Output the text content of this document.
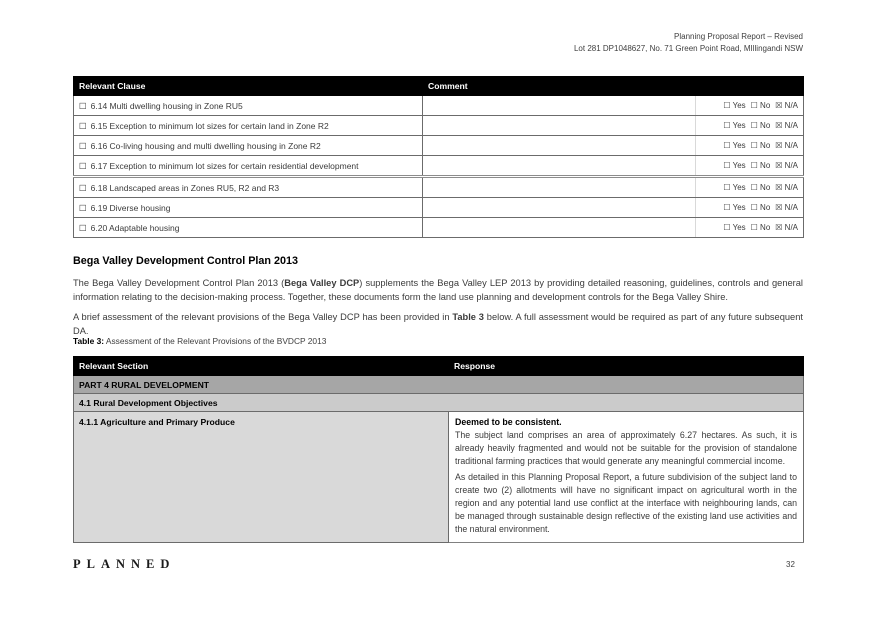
Planning Proposal Report – Revised
Lot 281 DP1048627, No. 71 Green Point Road, MIllingandi NSW
Relevant Clause	Comment	
☐ 6.14 Multi dwelling housing in Zone RU5		☐ Yes ☐ No ☒ N/A
☐ 6.15 Exception to minimum lot sizes for certain land in Zone R2		☐ Yes ☐ No ☒ N/A
☐ 6.16 Co-living housing and multi dwelling housing in Zone R2		☐ Yes ☐ No ☒ N/A
☐ 6.17 Exception to minimum lot sizes for certain residential development		☐ Yes ☐ No ☒ N/A
☐ 6.18 Landscaped areas in Zones RU5, R2 and R3		☐ Yes ☐ No ☒ N/A
☐ 6.19 Diverse housing		☐ Yes ☐ No ☒ N/A
☐ 6.20 Adaptable housing		☐ Yes ☐ No ☒ N/A
Bega Valley Development Control Plan 2013

The Bega Valley Development Control Plan 2013 (Bega Valley DCP) supplements the Bega Valley LEP 2013 by providing detailed reasoning, guidelines, controls and general information relating to the decision-making process. Together, these documents form the land use planning and development controls for the Bega Valley Shire.

A brief assessment of the relevant provisions of the Bega Valley DCP has been provided in Table 3 below. A full assessment would be required as part of any future subsequent DA.

Table 3: Assessment of the Relevant Provisions of the BVDCP 2013
Relevant Section	Response
PART 4 RURAL DEVELOPMENT	
4.1 Rural Development Objectives	
4.1.1 Agriculture and Primary Produce	Deemed to be consistent.

The subject land comprises an area of approximately 6.27 hectares. As such, it is already heavily fragmented and would not be suitable for the provision of standalone traditional farming practices that would generate any meaningful commercial income.

As detailed in this Planning Proposal Report, a future subdivision of the subject land to create two (2) allotments will have no significant impact on agricultural worth in the region and any potential land use conflict at the interface with neighbouring lands, can be managed through sustainable design reflective of the existing land use activities and the natural environment.

PLANNED	32
